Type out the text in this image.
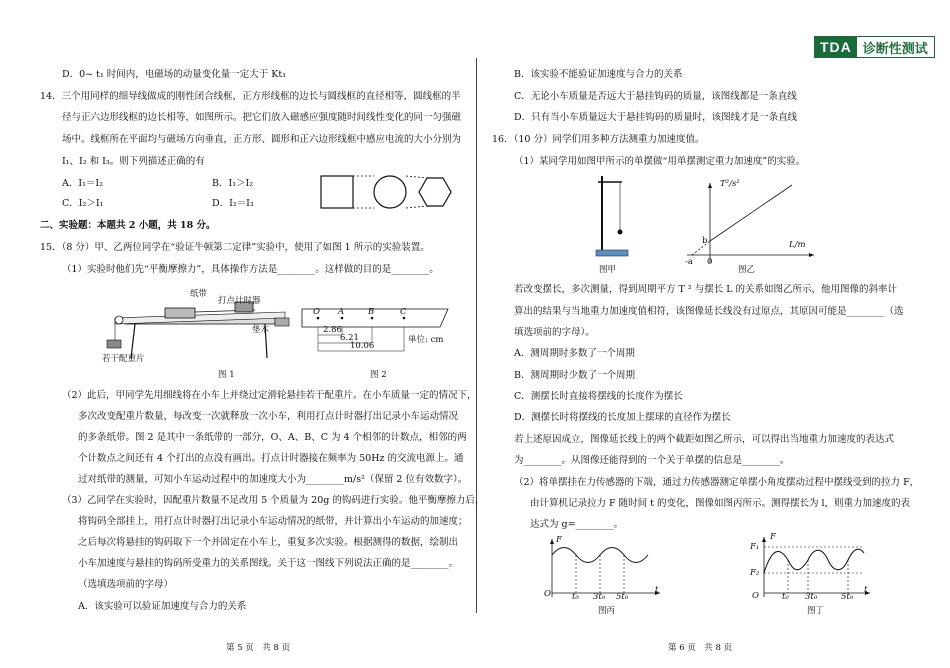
TDA 诊断性测试
D．0~ t₁ 时间内，电磁场的动量变化量一定大于 Kt₁
14．三个用同样的细导线做成的刚性闭合线框，正方形线框的边长与圆线框的直径相等，圆线框的半
径与正六边形线框的边长相等，如图所示。把它们放入磁感应强度随时间线性变化的同一匀强磁
场中。线框所在平面均与磁场方向垂直，正方形、圆形和正六边形线框中感应电流的大小分别为
I₁、I₂ 和 I₃。则下列描述正确的有
A．I₁＝I₂	B．I₁＞I₂
C．I₂＞I₁	D．I₂＝I₃
二、实验题：本题共 2 小题，共 18 分。
15．（8 分）甲、乙两位同学在“验证牛顿第二定律”实验中，使用了如图 1 所示的实验装置。
（1）实验时他们先“平衡摩擦力”，具体操作方法是________。这样做的目的是________。
纸带
打点计时器
垫木
若干配重片
图 1
O A	B	C
2.86
6.21
10.06
单位: cm
图 2
（2）此后，甲同学先用细线将在小车上并绕过定滑轮悬挂若干配重片。在小车质量一定的情况下，
多次改变配重片数量，每改变一次就释放一次小车，利用打点计时器打出记录小车运动情况
的多条纸带。图 2 是其中一条纸带的一部分，O、A、B、C 为 4 个相邻的计数点，相邻的两
个计数点之间还有 4 个打出的点没有画出。打点计时器接在频率为 50Hz 的交流电源上。通
过对纸带的测量，可知小车运动过程中的加速度大小为________m/s²（保留 2 位有效数字）。
（3）乙同学在实验时，因配重片数量不足改用 5 个质量为 20g 的钩码进行实验。他平衡摩擦力后，
将钩码全部挂上，用打点计时器打出记录小车运动情况的纸带，并计算出小车运动的加速度；
之后每次将悬挂的钩码取下一个并固定在小车上，重复多次实验。根据测得的数据，绘制出
小车加速度与悬挂的钩码所受重力的关系图线。关于这一图线下列说法正确的是________。
（选填选项前的字母）
A．该实验可以验证加速度与合力的关系
第 5 页　共 8 页
B．该实验不能验证加速度与合力的关系
C．无论小车质量是否远大于悬挂钩码的质量，该图线都是一条直线
D．只有当小车质量远大于悬挂钩码的质量时，该图线才是一条直线
16．（10 分）同学们用多种方法测重力加速度值。
（1）某同学用如图甲所示的单摆做“用单摆测定重力加速度”的实验。
图甲
T²/s²
L/m
b
-a 0
图乙
若改变摆长，多次测量，得到周期平方 T ² 与摆长 L 的关系如图乙所示，他用图像的斜率计
算出的结果与当地重力加速度值相符，该图像延长线没有过原点，其原因可能是________（选
填选项前的字母）。
A．测周期时多数了一个周期
B．测周期时少数了一个周期
C．测摆长时直接将摆线的长度作为摆长
D．测摆长时将摆线的长度加上摆球的直径作为摆长
若上述原因成立，图像延长线上的两个截距如图乙所示，可以得出当地重力加速度的表达式
为________。从图像还能得到的一个关于单摆的信息是________。
（2）将单摆挂在力传感器的下端，通过力传感器测定单摆小角度摆动过程中摆线受到的拉力 F，
由计算机记录拉力 F 随时间 t 的变化，图像如图丙所示。测得摆长为 l，则重力加速度的表
达式为 g=________。
F
t
O t₀ 3t₀ 5t₀
图丙
F
t
O
F₁
F₂
t₀ 3t₀	5t₀
图丁
第 6 页　共 8 页
